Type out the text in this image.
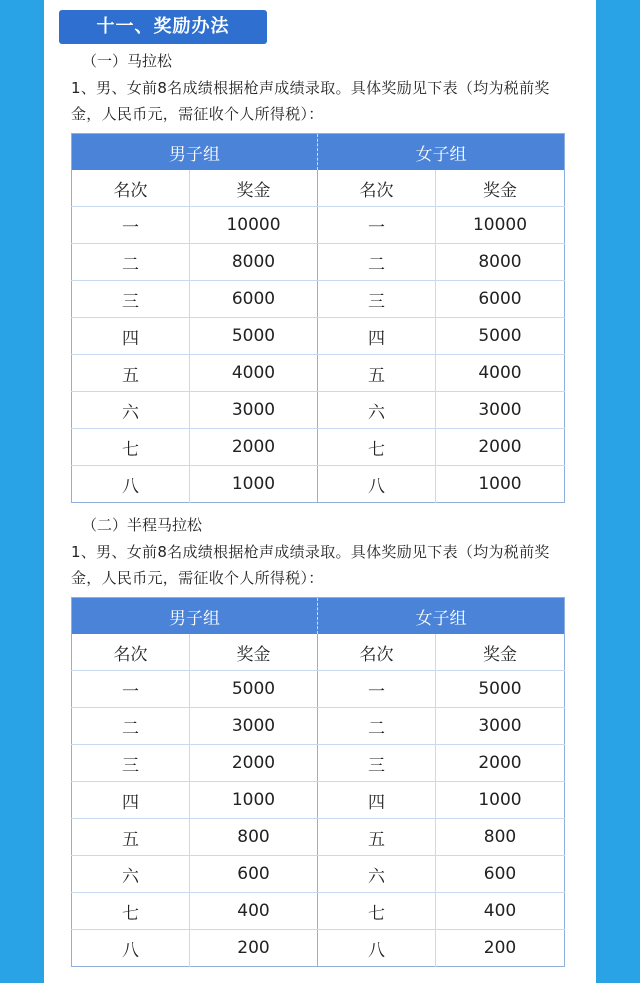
十一、奖励办法
（一）马拉松
1、男、女前8名成绩根据枪声成绩录取。具体奖励见下表（均为税前奖金，人民币元，需征收个人所得税）：
男子组		女子组	
名次	奖金	名次	奖金
一	10000	一	10000
二	8000	二	8000
三	6000	三	6000
四	5000	四	5000
五	4000	五	4000
六	3000	六	3000
七	2000	七	2000
八	1000	八	1000
（二）半程马拉松
1、男、女前8名成绩根据枪声成绩录取。具体奖励见下表（均为税前奖金，人民币元，需征收个人所得税）：
男子组		女子组	
名次	奖金	名次	奖金
一	5000	一	5000
二	3000	二	3000
三	2000	三	2000
四	1000	四	1000
五	800	五	800
六	600	六	600
七	400	七	400
八	200	八	200
